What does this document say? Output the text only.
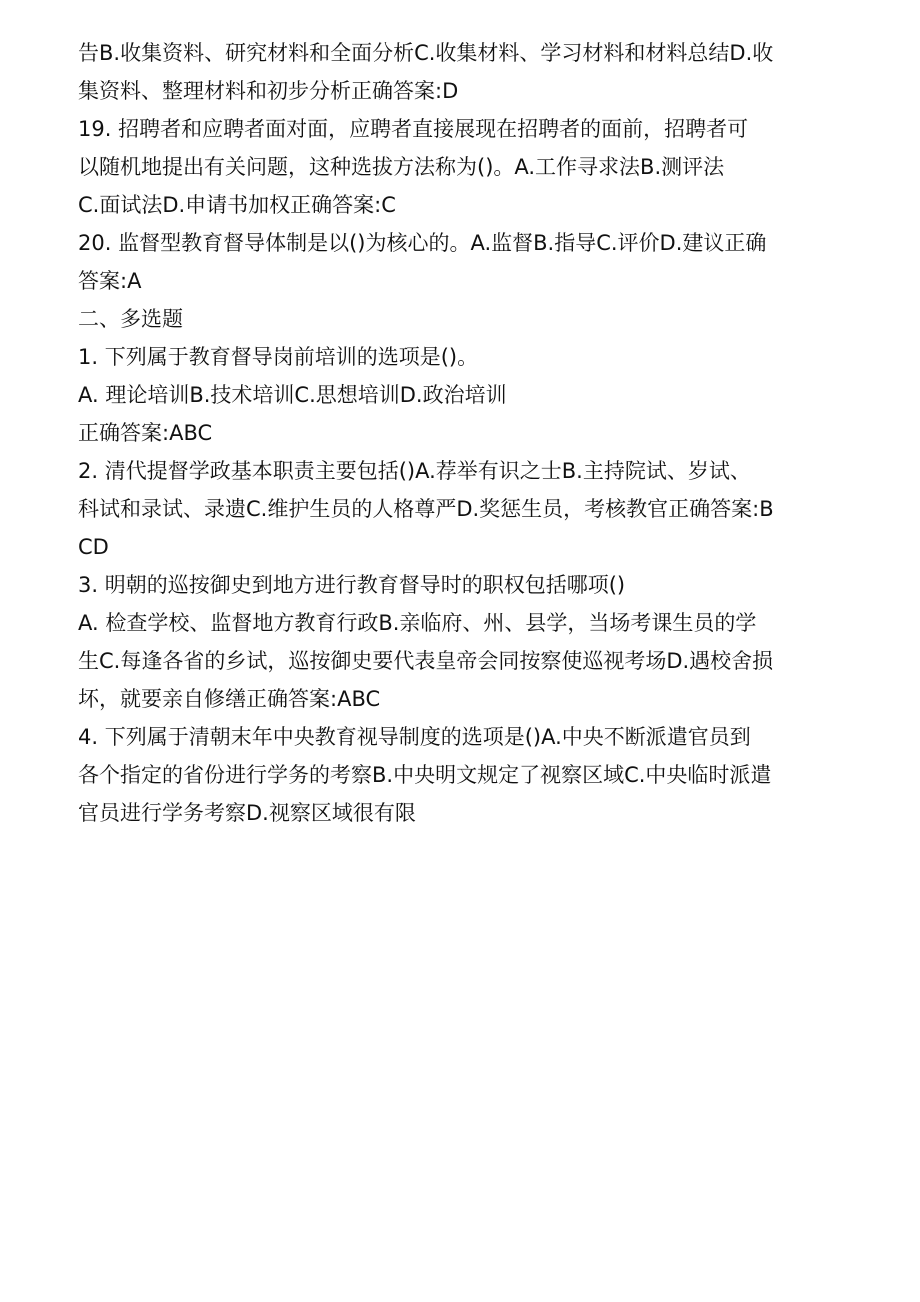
告B.收集资料、研究材料和全面分析C.收集材料、学习材料和材料总结D.收
集资料、整理材料和初步分析正确答案:D
19. 招聘者和应聘者面对面，应聘者直接展现在招聘者的面前，招聘者可
以随机地提出有关问题，这种选拔方法称为()。A.工作寻求法B.测评法
C.面试法D.申请书加权正确答案:C
20. 监督型教育督导体制是以()为核心的。A.监督B.指导C.评价D.建议正确
答案:A
二、多选题
1. 下列属于教育督导岗前培训的选项是()。
A. 理论培训B.技术培训C.思想培训D.政治培训
正确答案:ABC
2. 清代提督学政基本职责主要包括()A.荐举有识之士B.主持院试、岁试、
科试和录试、录遗C.维护生员的人格尊严D.奖惩生员，考核教官正确答案:B
CD
3. 明朝的巡按御史到地方进行教育督导时的职权包括哪项()
A. 检查学校、监督地方教育行政B.亲临府、州、县学，当场考课生员的学
生C.每逢各省的乡试，巡按御史要代表皇帝会同按察使巡视考场D.遇校舍损
坏，就要亲自修缮正确答案:ABC
4. 下列属于清朝末年中央教育视导制度的选项是()A.中央不断派遣官员到
各个指定的省份进行学务的考察B.中央明文规定了视察区域C.中央临时派遣
官员进行学务考察D.视察区域很有限
